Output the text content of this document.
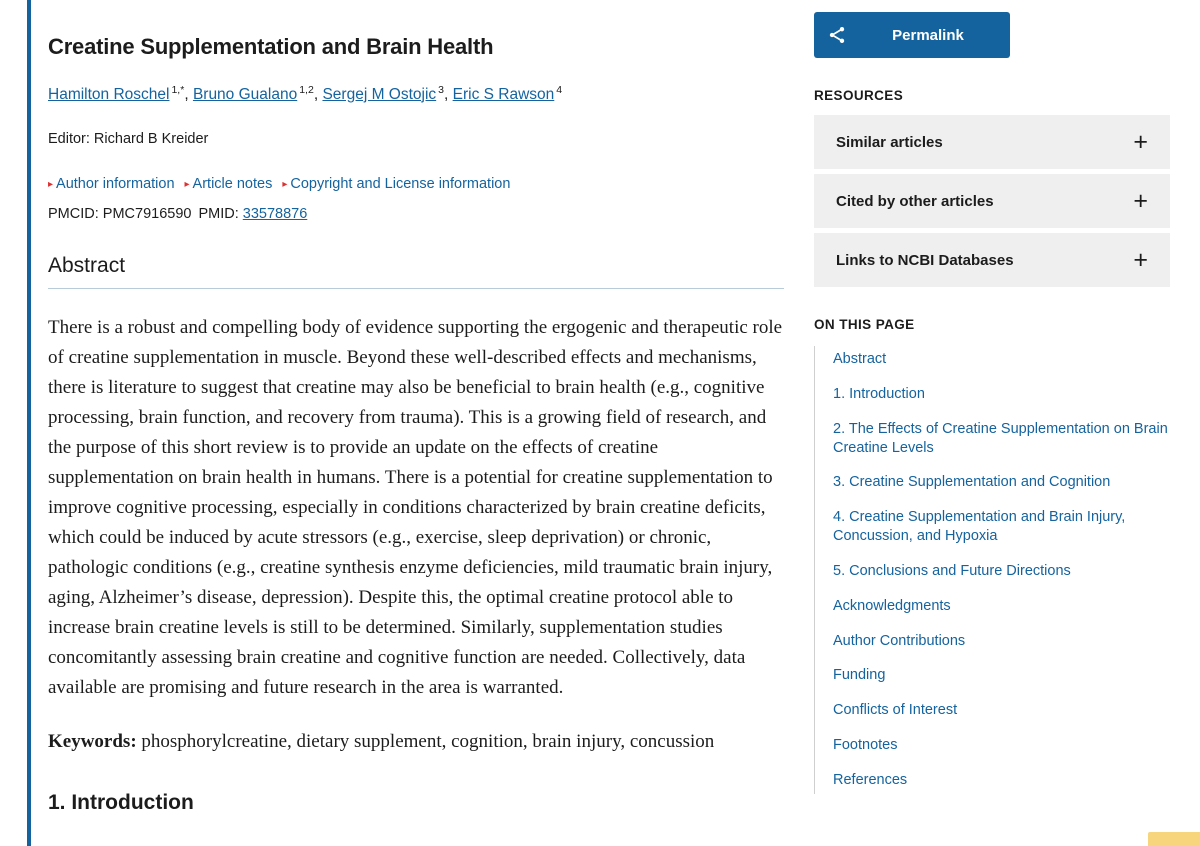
Creatine Supplementation and Brain Health
Hamilton Roschel $^{1,*}$, Bruno Gualano $^{1,2}$, Sergej M Ostojic $^3$, Eric S Rawson $^4$
Editor: Richard B Kreider
▸ Author information ▸ Article notes ▸ Copyright and License information
PMCID: PMC7916590 PMID: 33578876
Abstract

There is a robust and compelling body of evidence supporting the ergogenic and therapeutic role of creatine supplementation in muscle. Beyond these well-described effects and mechanisms, there is literature to suggest that creatine may also be beneficial to brain health (e.g., cognitive processing, brain function, and recovery from trauma). This is a growing field of research, and the purpose of this short review is to provide an update on the effects of creatine supplementation on brain health in humans. There is a potential for creatine supplementation to improve cognitive processing, especially in conditions characterized by brain creatine deficits, which could be induced by acute stressors (e.g., exercise, sleep deprivation) or chronic, pathologic conditions (e.g., creatine synthesis enzyme deficiencies, mild traumatic brain injury, aging, Alzheimer’s disease, depression). Despite this, the optimal creatine protocol able to increase brain creatine levels is still to be determined. Similarly, supplementation studies concomitantly assessing brain creatine and cognitive function are needed. Collectively, data available are promising and future research in the area is warranted.

Keywords: phosphorylcreatine, dietary supplement, cognition, brain injury, concussion

1. Introduction
Permalink
RESOURCES
Similar articles	+
Cited by other articles	+
Links to NCBI Databases	+
ON THIS PAGE
Abstract
1. Introduction
2. The Effects of Creatine Supplementation on Brain Creatine Levels
3. Creatine Supplementation and Cognition
4. Creatine Supplementation and Brain Injury, Concussion, and Hypoxia
5. Conclusions and Future Directions
Acknowledgments
Author Contributions
Funding
Conflicts of Interest
Footnotes
References
